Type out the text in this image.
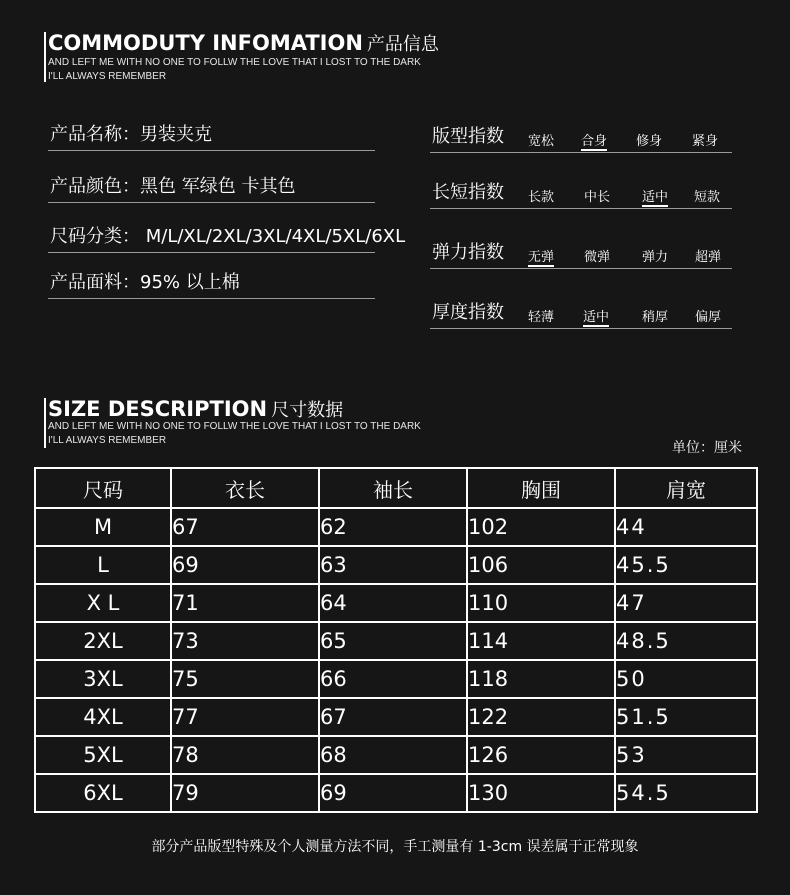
COMMODUTY INFOMATION 产品信息
AND LEFT ME WITH NO ONE TO FOLLW THE LOVE THAT I LOST TO THE DARK
I'LL ALWAYS REMEMBER
产品名称：男装夹克
产品颜色：黑色 军绿色 卡其色
尺码分类： M/L/XL/2XL/3XL/4XL/5XL/6XL
产品面料：95% 以上棉
版型指数 宽松 合身 修身 紧身
长短指数 长款 中长 适中 短款
弹力指数 无弹 微弹 弹力 超弹
厚度指数 轻薄 适中	稍厚 偏厚
SIZE DESCRIPTION 尺寸数据
AND LEFT ME WITH NO ONE TO FOLLW THE LOVE THAT I LOST TO THE DARK
I'LL ALWAYS REMEMBER	单位：厘米
尺码	衣长	袖长	胸围	肩宽
M	67	62	102	44
L	69	63	106	45.5
X L	71	64	110	47
2XL	73	65	114	48.5
3XL	75	66	118	50
4XL	77	67	122	51.5
5XL	78	68	126	53
6XL	79	69	130	54.5
部分产品版型特殊及个人测量方法不同，手工测量有 1-3cm 误差属于正常现象
